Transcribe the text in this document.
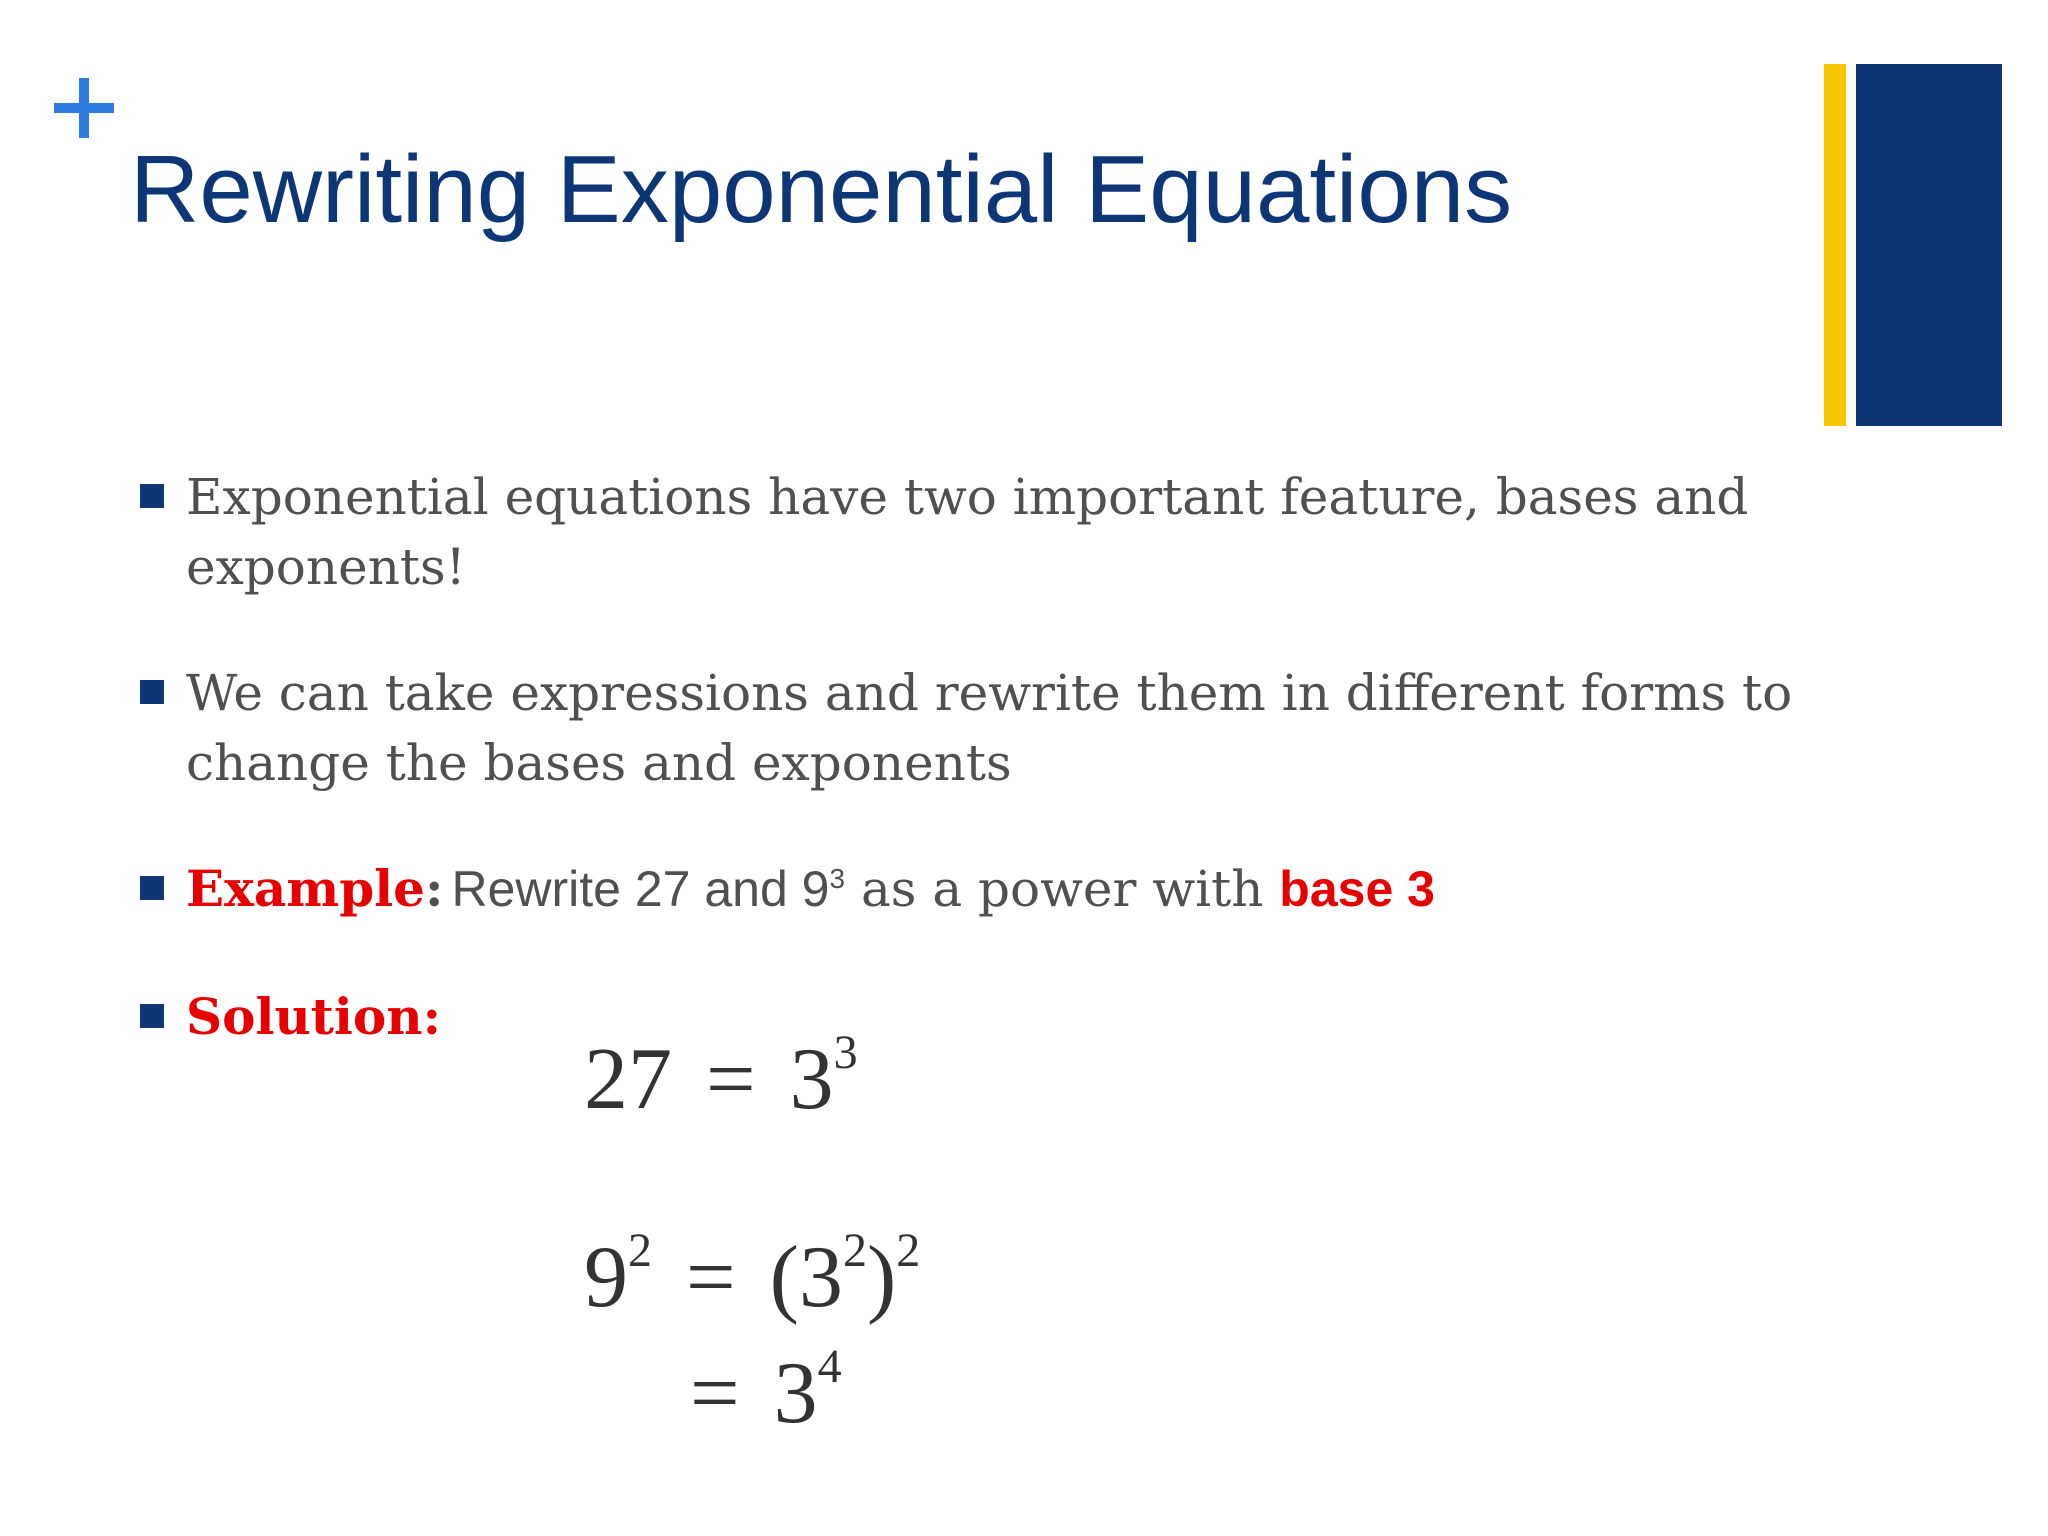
Rewriting Exponential Equations
Exponential equations have two important feature, bases and exponents!
We can take expressions and rewrite them in different forms to change the bases and exponents
Example: Rewrite 27 and $9^3$ as a power with base 3
Solution:
$27 = 3^3$
$9^2 = (3^2)^2$
= $3^4$
